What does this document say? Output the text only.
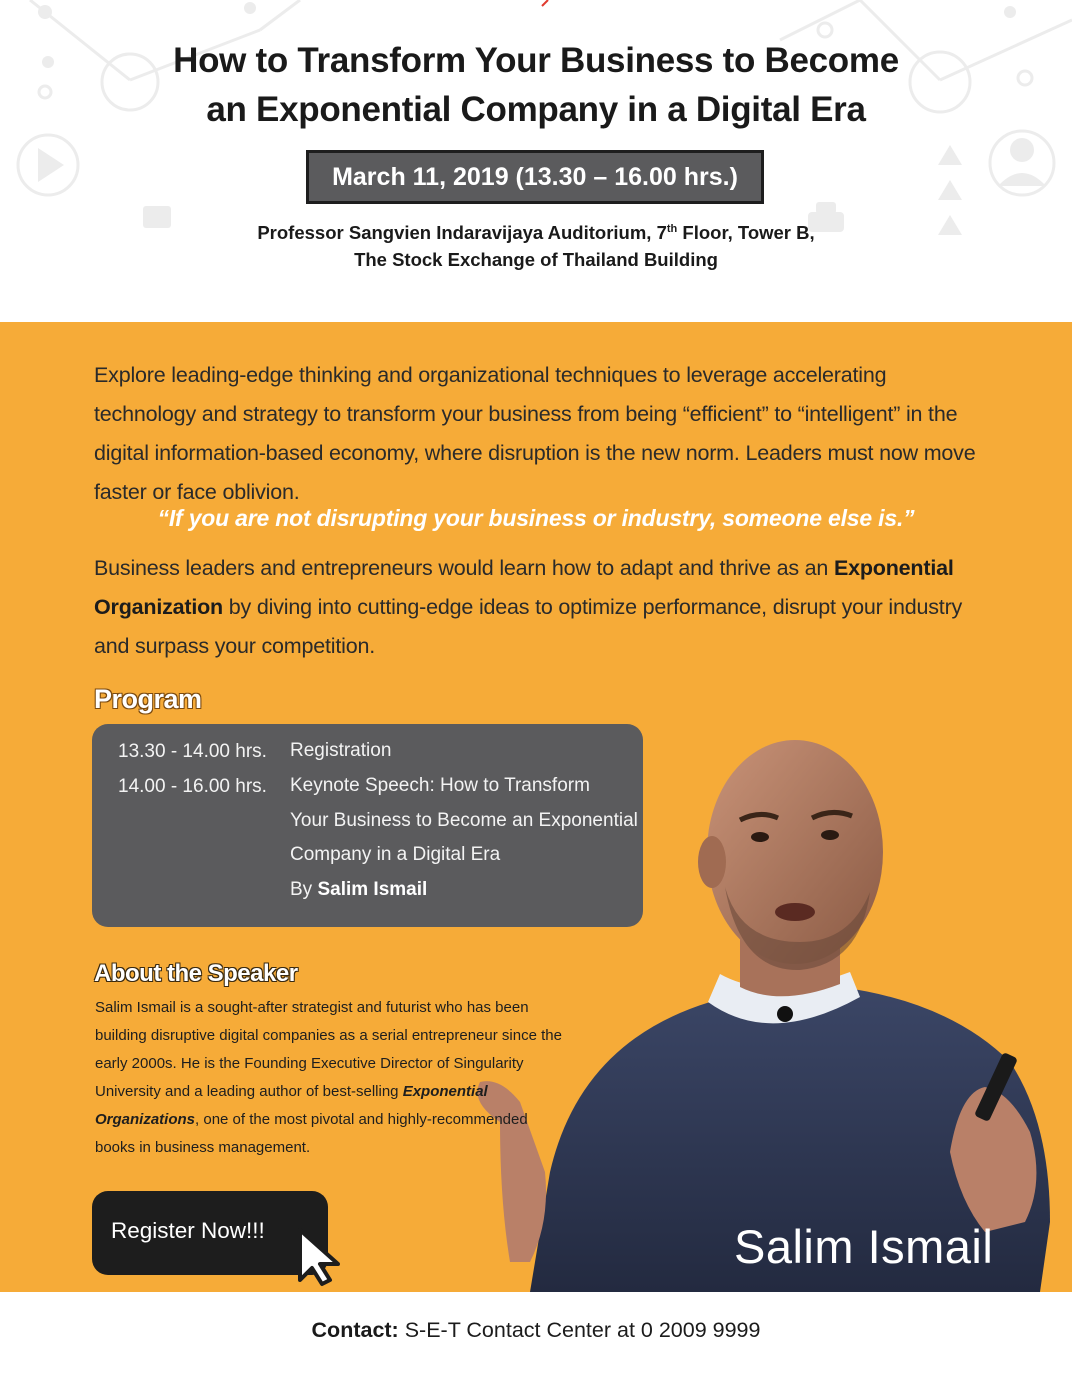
How to Transform Your Business to Become
an Exponential Company in a Digital Era
March 11, 2019 (13.30 – 16.00 hrs.)
Professor Sangvien Indaravijaya Auditorium, 7th Floor, Tower B,
The Stock Exchange of Thailand Building
Explore leading-edge thinking and organizational techniques to leverage accelerating technology and strategy to transform your business from being “efficient” to “intelligent” in the digital information-based economy, where disruption is the new norm. Leaders must now move faster or face oblivion.
“If you are not disrupting your business or industry, someone else is.”
Business leaders and entrepreneurs would learn how to adapt and thrive as an Exponential Organization by diving into cutting-edge ideas to optimize performance, disrupt your industry and surpass your competition.
Program
13.30 - 14.00 hrs.	Registration
14.00 - 16.00 hrs.	Keynote Speech: How to Transform
Your Business to Become an Exponential
Company in a Digital Era
By Salim Ismail
About the Speaker
Salim Ismail is a sought-after strategist and futurist who has been building disruptive digital companies as a serial entrepreneur since the early 2000s. He is the Founding Executive Director of Singularity University and a leading author of best-selling Exponential Organizations, one of the most pivotal and highly-recommended books in business management.
Register Now!!!	Salim Ismail
Contact: S-E-T Contact Center at 0 2009 9999
